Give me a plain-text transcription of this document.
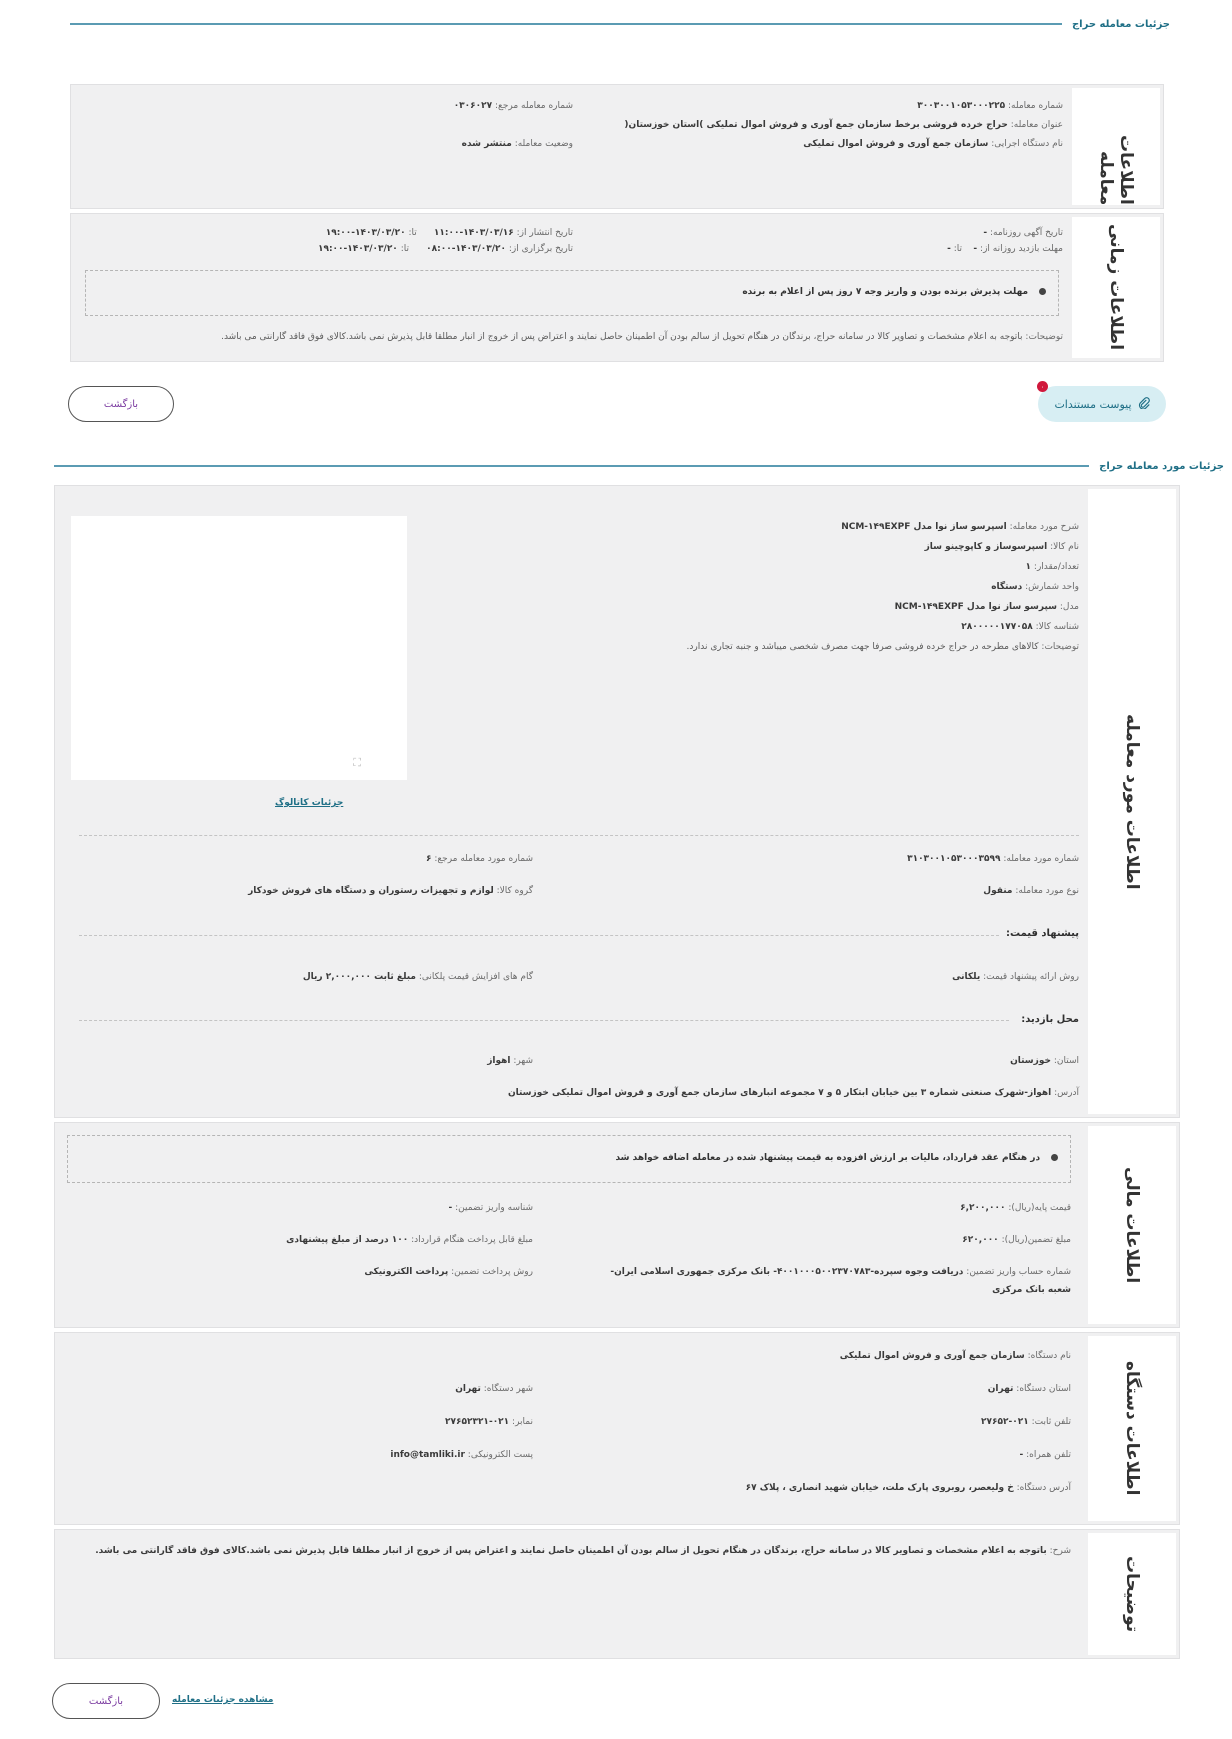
جزئیات معامله حراج
اطلاعات معامله
شماره معامله: ۳۰۰۳۰۰۱۰۵۳۰۰۰۲۲۵
عنوان معامله: حراج خرده فروشی برخط سازمان جمع آوری و فروش اموال تملیکی )استان خوزستان(
نام دستگاه اجرایی: سازمان جمع آوری و فروش اموال تملیکی
شماره معامله مرجع: ۰۳۰۶۰۲۷
وضعیت معامله: منتشر شده
اطلاعات زمانی
تاریخ آگهی روزنامه: -
مهلت بازدید روزانه از: -    تا: -
تاریخ انتشار از: ۱۴۰۳/۰۳/۱۶-۱۱:۰۰      تا: ۱۴۰۳/۰۳/۲۰-۱۹:۰۰
تاریخ برگزاری از: ۱۴۰۳/۰۳/۲۰-۰۸:۰۰      تا: ۱۴۰۳/۰۳/۲۰-۱۹:۰۰
مهلت پذیرش برنده بودن و واریز وجه ۷ روز پس از اعلام به برنده
توضیحات: باتوجه به اعلام مشخصات و تصاویر کالا در سامانه حراج، برندگان در هنگام تحویل از سالم بودن آن اطمینان حاصل نمایند و اعتراض پس از خروج از انبار مطلقا قابل پذیرش نمی باشد.کالای فوق فاقد گارانتی می باشد.
پیوست مستندات
۰
بازگشت
جزئیات مورد معامله حراج
اطلاعات مورد معامله
شرح مورد معامله: اسپرسو ساز نوا مدل NCM-۱۴۹EXPF
نام کالا: اسپرسوساز و کاپوچینو ساز
تعداد/مقدار: ۱
واحد شمارش: دستگاه
مدل: سپرسو ساز نوا مدل NCM-۱۴۹EXPF
شناسه کالا: ۲۸۰۰۰۰۰۱۷۷۰۵۸
توضیحات: کالاهای مطرحه در حراج خرده فروشی صرفا جهت مصرف شخصی میباشد و جنبه تجاری ندارد.
⛶
جزئیات کاتالوگ
شماره مورد معامله: ۳۱۰۳۰۰۱۰۵۳۰۰۰۳۵۹۹
شماره مورد معامله مرجع: ۶
نوع مورد معامله: منقول
گروه کالا: لوازم و تجهیزات رستوران و دستگاه های فروش خودکار
پیشنهاد قیمت:
روش ارائه پیشنهاد قیمت: یلکانی
گام های افزایش قیمت پلکانی: مبلغ ثابت ۲,۰۰۰,۰۰۰ ریال
محل بازدید:
استان: خوزستان
شهر: اهواز
آدرس: اهواز-شهرک صنعتی شماره ۳ بین خیابان ابتکار ۵ و ۷ مجموعه انبارهای سازمان جمع آوری و فروش اموال تملیکی خوزستان
اطلاعات مالی
در هنگام عقد قرارداد، مالیات بر ارزش افزوده به قیمت پیشنهاد شده در معامله اضافه خواهد شد
قیمت پایه(ریال): ۶,۲۰۰,۰۰۰
شناسه واریز تضمین: -
مبلغ تضمین(ریال): ۶۲۰,۰۰۰
مبلغ قابل پرداخت هنگام قرارداد: ۱۰۰ درصد از مبلغ پیشنهادی
شماره حساب واریز تضمین: دریافت وجوه سپرده-۴۰۰۱۰۰۰۵۰۰۲۳۷۰۷۸۳- بانک مرکزی جمهوری اسلامی ایران-
شعبه بانک مرکزی
روش پرداخت تضمین: پرداخت الکترونیکی
اطلاعات دستگاه
نام دستگاه: سازمان جمع آوری و فروش اموال تملیکی
استان دستگاه: تهران
شهر دستگاه: تهران
تلفن ثابت: ۰۲۱-۲۷۶۵۲
نمابر: ۰۲۱-۲۷۶۵۲۳۲۱
تلفن همراه: -
پست الکترونیکی: info@tamliki.ir
آدرس دستگاه: خ ولیعصر، روبروی پارک ملت، خیابان شهید انصاری ، پلاک ۶۷
توضیحات
شرح: باتوجه به اعلام مشخصات و تصاویر کالا در سامانه حراج، برندگان در هنگام تحویل از سالم بودن آن اطمینان حاصل نمایند و اعتراض پس از خروج از انبار مطلقا قابل پذیرش نمی باشد.کالای فوق فاقد گارانتی می باشد.
بازگشت	مشاهده جزئیات معامله
